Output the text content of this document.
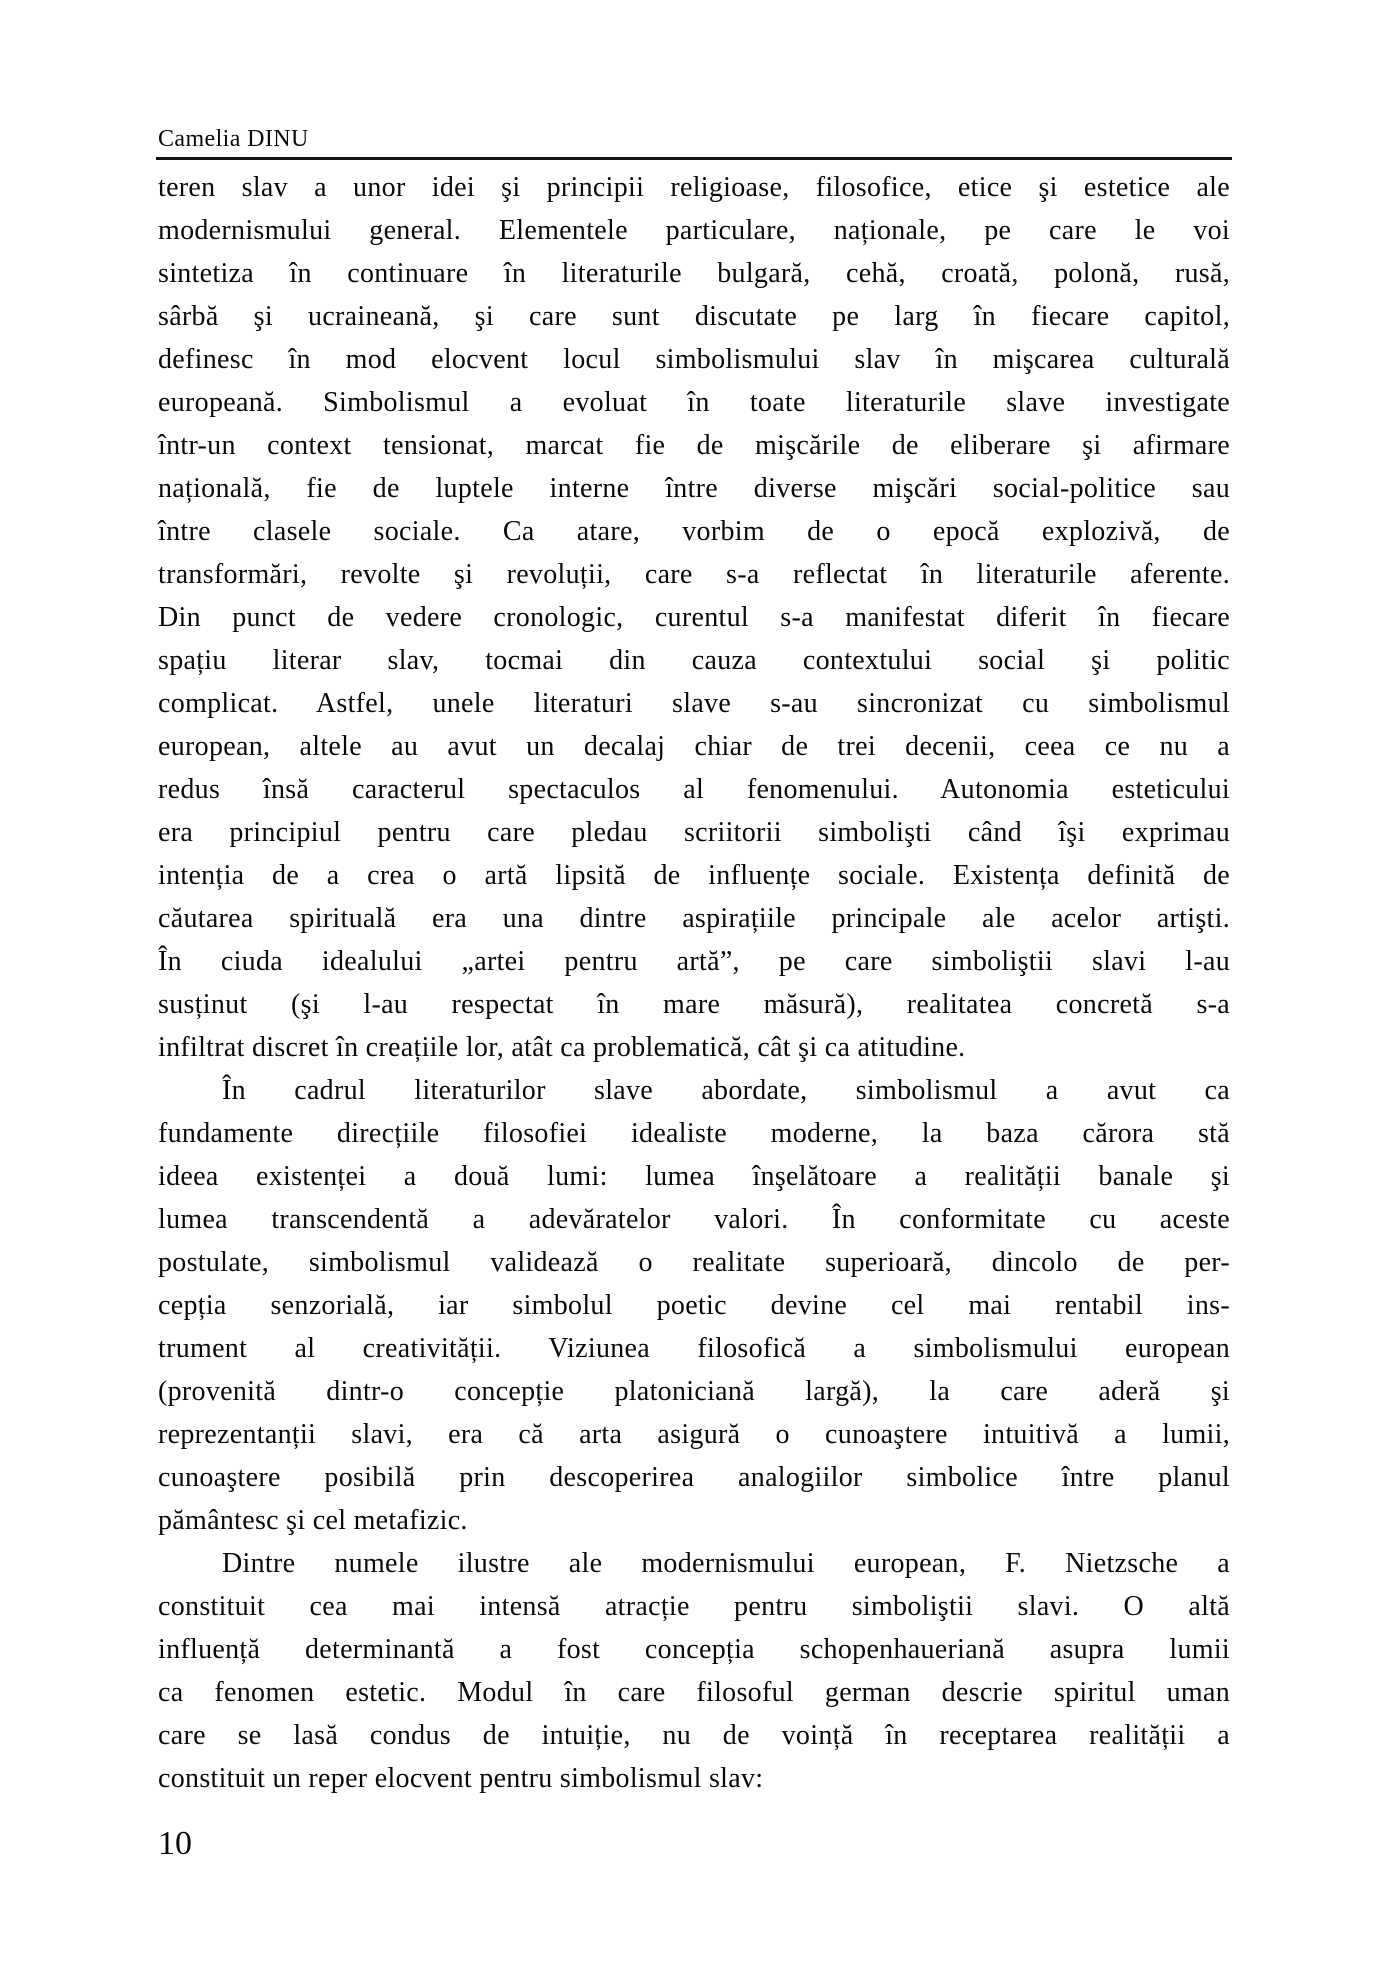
Camelia DINU
teren slav a unor idei şi principii religioase, filosofice, etice şi estetice ale
modernismului general. Elementele particulare, naționale, pe care le voi
sintetiza în continuare în literaturile bulgară, cehă, croată, polonă, rusă,
sârbă şi ucraineană, şi care sunt discutate pe larg în fiecare capitol,
definesc în mod elocvent locul simbolismului slav în mişcarea culturală
europeană. Simbolismul a evoluat în toate literaturile slave investigate
într-un context tensionat, marcat fie de mişcările de eliberare şi afirmare
națională, fie de luptele interne între diverse mişcări social-politice sau
între clasele sociale. Ca atare, vorbim de o epocă explozivă, de
transformări, revolte şi revoluții, care s-a reflectat în literaturile aferente.
Din punct de vedere cronologic, curentul s-a manifestat diferit în fiecare
spațiu literar slav, tocmai din cauza contextului social şi politic
complicat. Astfel, unele literaturi slave s-au sincronizat cu simbolismul
european, altele au avut un decalaj chiar de trei decenii, ceea ce nu a
redus însă caracterul spectaculos al fenomenului. Autonomia esteticului
era principiul pentru care pledau scriitorii simbolişti când îşi exprimau
intenția de a crea o artă lipsită de influențe sociale. Existența definită de
căutarea spirituală era una dintre aspirațiile principale ale acelor artişti.
În ciuda idealului „artei pentru artă”, pe care simboliştii slavi l-au
susținut (şi l-au respectat în mare măsură), realitatea concretă s-a
infiltrat discret în creațiile lor, atât ca problematică, cât şi ca atitudine.
În cadrul literaturilor slave abordate, simbolismul a avut ca
fundamente direcțiile filosofiei idealiste moderne, la baza cărora stă
ideea existenței a două lumi: lumea înşelătoare a realității banale şi
lumea transcendentă a adevăratelor valori. În conformitate cu aceste
postulate, simbolismul validează o realitate superioară, dincolo de per-
cepția senzorială, iar simbolul poetic devine cel mai rentabil ins-
trument al creativității. Viziunea filosofică a simbolismului european
(provenită dintr-o concepție platoniciană largă), la care aderă şi
reprezentanții slavi, era că arta asigură o cunoaştere intuitivă a lumii,
cunoaştere posibilă prin descoperirea analogiilor simbolice între planul
pământesc şi cel metafizic.
Dintre numele ilustre ale modernismului european, F. Nietzsche a
constituit cea mai intensă atracție pentru simboliştii slavi. O altă
influență determinantă a fost concepția schopenhaueriană asupra lumii
ca fenomen estetic. Modul în care filosoful german descrie spiritul uman
care se lasă condus de intuiție, nu de voință în receptarea realității a
constituit un reper elocvent pentru simbolismul slav:
10
